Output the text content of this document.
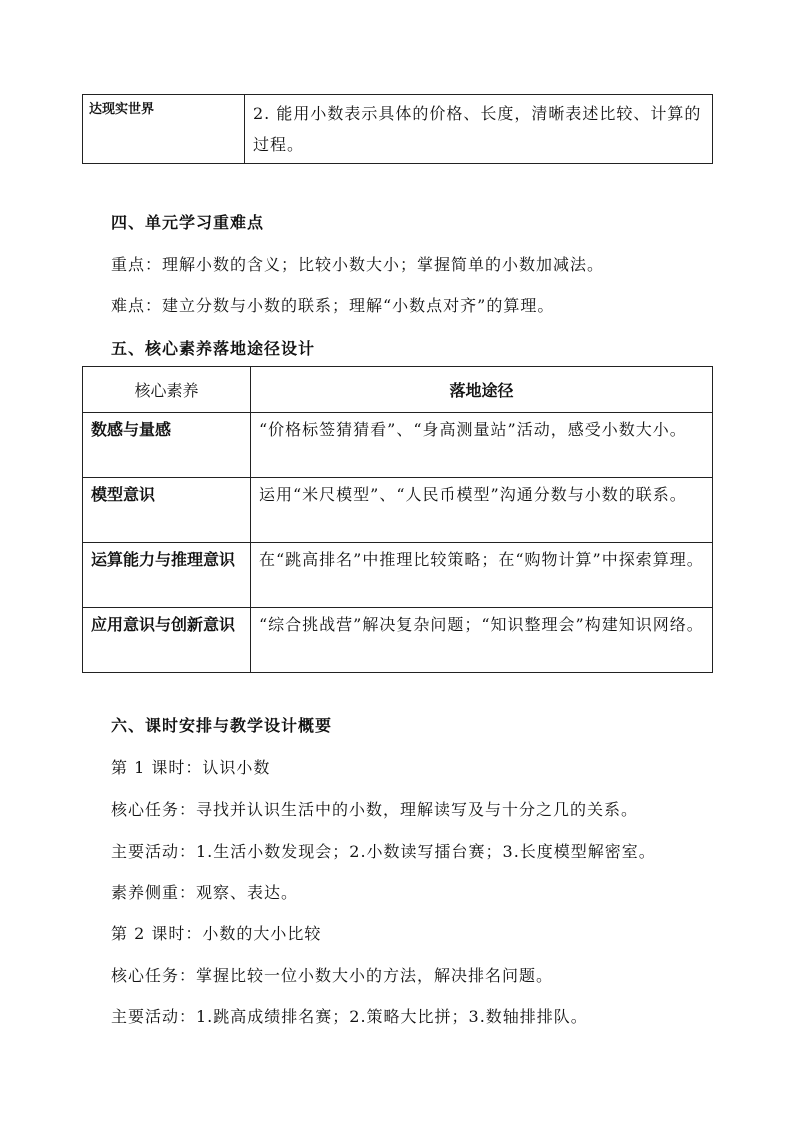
达现实世界	2. 能用小数表示具体的价格、长度，清晰表述比较、计算的过程。
四、单元学习重难点
重点：理解小数的含义；比较小数大小；掌握简单的小数加减法。
难点：建立分数与小数的联系；理解“小数点对齐”的算理。
五、核心素养落地途径设计
核心素养	落地途径
数感与量感	“价格标签猜猜看”、“身高测量站”活动，感受小数大小。
模型意识	运用“米尺模型”、“人民币模型”沟通分数与小数的联系。
运算能力与推理意识	在“跳高排名”中推理比较策略；在“购物计算”中探索算理。
应用意识与创新意识	“综合挑战营”解决复杂问题；“知识整理会”构建知识网络。
六、课时安排与教学设计概要
第 1 课时：认识小数
核心任务：寻找并认识生活中的小数，理解读写及与十分之几的关系。
主要活动：1.生活小数发现会；2.小数读写擂台赛；3.长度模型解密室。
素养侧重：观察、表达。
第 2 课时：小数的大小比较
核心任务：掌握比较一位小数大小的方法，解决排名问题。
主要活动：1.跳高成绩排名赛；2.策略大比拼；3.数轴排排队。
